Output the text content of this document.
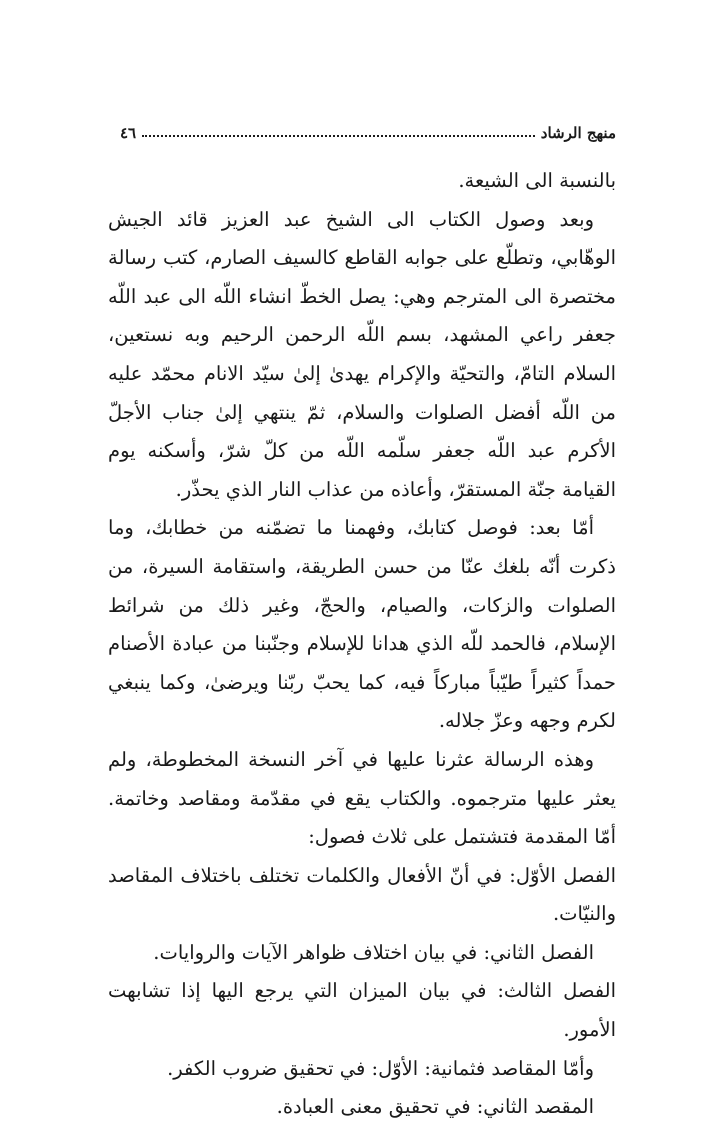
منهج الرشاد
٤٦

بالنسبة الى الشيعة.

وبعد وصول الكتاب الى الشيخ عبد العزيز قائد الجيش الوهّابي، وتطلّع على جوابه القاطع كالسيف الصارم، كتب رسالة مختصرة الى المترجم وهي: يصل الخطّ انشاء اللّه الى عبد اللّه جعفر راعي المشهد، بسم اللّه الرحمن الرحيم وبه نستعين، السلام التامّ، والتحيّة والإكرام يهدىٰ إلىٰ سيّد الانام محمّد عليه من اللّه أفضل الصلوات والسلام، ثمّ ينتهي إلىٰ جناب الأجلّ الأكرم عبد اللّه جعفر سلّمه اللّه من كلّ شرّ، وأسكنه يوم القيامة جنّة المستقرّ، وأعاذه من عذاب النار الذي يحذّر.

أمّا بعد: فوصل كتابك، وفهمنا ما تضمّنه من خطابك، وما ذكرت أنّه بلغك عنّا من حسن الطريقة، واستقامة السيرة، من الصلوات والزكات، والصيام، والحجّ، وغير ذلك من شرائط الإسلام، فالحمد للّه الذي هدانا للإسلام وجنّبنا من عبادة الأصنام حمداً كثيراً طيّباً مباركاً فيه، كما يحبّ ربّنا ويرضىٰ، وكما ينبغي لكرم وجهه وعزّ جلاله.

وهذه الرسالة عثرنا عليها في آخر النسخة المخطوطة، ولم يعثر عليها مترجموه. والكتاب يقع في مقدّمة ومقاصد وخاتمة. أمّا المقدمة فتشتمل على ثلاث فصول:

الفصل الأوّل: في أنّ الأفعال والكلمات تختلف باختلاف المقاصد والنيّات.

الفصل الثاني: في بيان اختلاف ظواهر الآيات والروايات.

الفصل الثالث: في بيان الميزان التي يرجع اليها إذا تشابهت الأمور.

وأمّا المقاصد فثمانية: الأوّل: في تحقيق ضروب الكفر.

المقصد الثاني: في تحقيق معنى العبادة.
